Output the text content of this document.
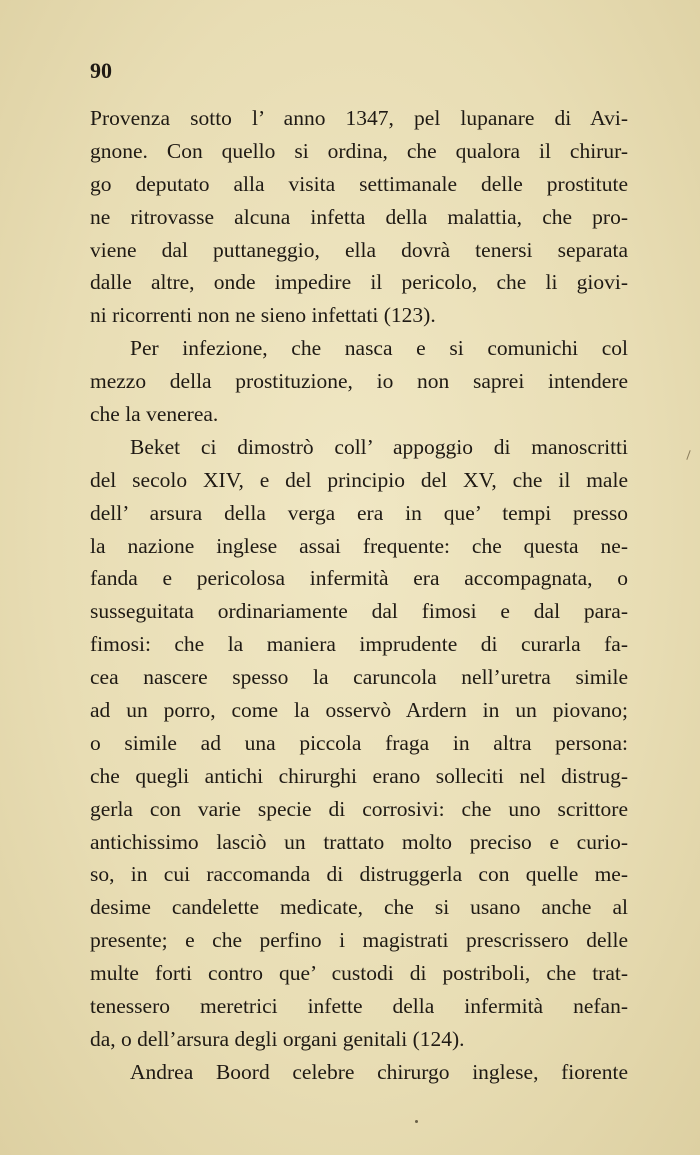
90
Provenza sotto l’ anno 1347, pel lupanare di Avi-
gnone. Con quello si ordina, che qualora il chirur-
go deputato alla visita settimanale delle prostitute
ne ritrovasse alcuna infetta della malattia, che pro-
viene dal puttaneggio, ella dovrà tenersi separata
dalle altre, onde impedire il pericolo, che li giovi-
ni ricorrenti non ne sieno infettati (123).
Per infezione, che nasca e si comunichi col
mezzo della prostituzione, io non saprei intendere
che la venerea.
Beket ci dimostrò coll’ appoggio di manoscritti
del secolo XIV, e del principio del XV, che il male
dell’ arsura della verga era in que’ tempi presso
la nazione inglese assai frequente: che questa ne-
fanda e pericolosa infermità era accompagnata, o
susseguitata ordinariamente dal fimosi e dal para-
fimosi: che la maniera imprudente di curarla fa-
cea nascere spesso la caruncola nell’uretra simile
ad un porro, come la osservò Ardern in un piovano;
o simile ad una piccola fraga in altra persona:
che quegli antichi chirurghi erano solleciti nel distrug-
gerla con varie specie di corrosivi: che uno scrittore
antichissimo lasciò un trattato molto preciso e curio-
so, in cui raccomanda di distruggerla con quelle me-
desime candelette medicate, che si usano anche al
presente; e che perfino i magistrati prescrissero delle
multe forti contro que’ custodi di postriboli, che trat-
tenessero meretrici infette della infermità nefan-
da, o dell’arsura degli organi genitali (124).
Andrea Boord celebre chirurgo inglese, fiorente
